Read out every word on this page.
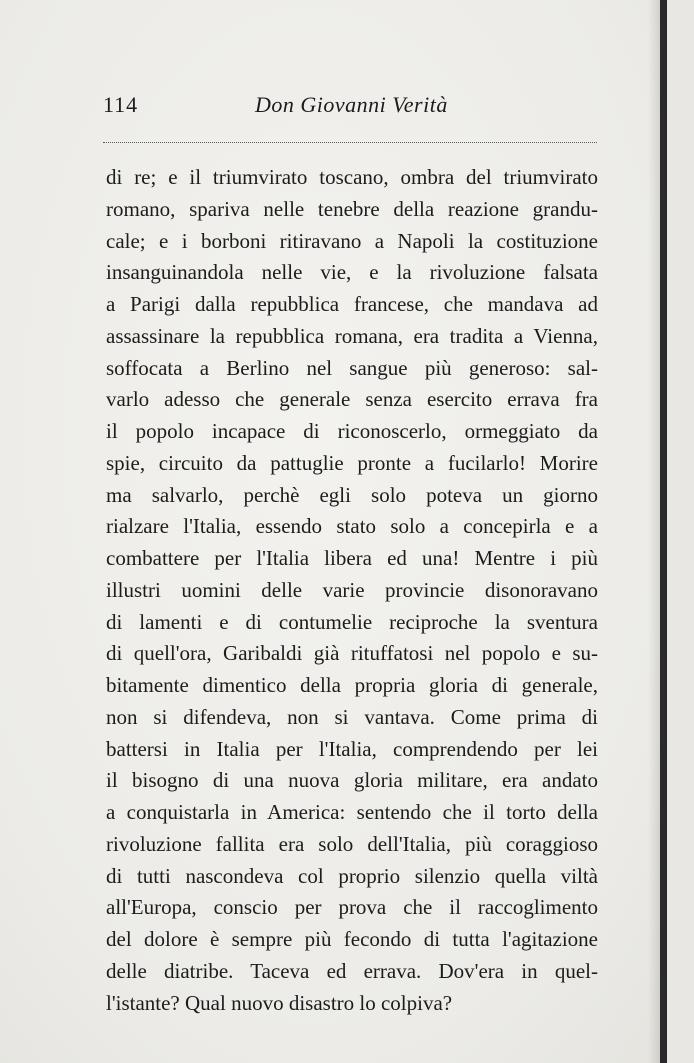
114	Don Giovanni Verità
di re; e il triumvirato toscano, ombra del triumvirato
romano, spariva nelle tenebre della reazione grandu-
cale; e i borboni ritiravano a Napoli la costituzione
insanguinandola nelle vie, e la rivoluzione falsata
a Parigi dalla repubblica francese, che mandava ad
assassinare la repubblica romana, era tradita a Vienna,
soffocata a Berlino nel sangue più generoso: sal-
varlo adesso che generale senza esercito errava fra
il popolo incapace di riconoscerlo, ormeggiato da
spie, circuito da pattuglie pronte a fucilarlo! Morire
ma salvarlo, perchè egli solo poteva un giorno
rialzare l'Italia, essendo stato solo a concepirla e a
combattere per l'Italia libera ed una! Mentre i più
illustri uomini delle varie provincie disonoravano
di lamenti e di contumelie reciproche la sventura
di quell'ora, Garibaldi già rituffatosi nel popolo e su-
bitamente dimentico della propria gloria di generale,
non si difendeva, non si vantava. Come prima di
battersi in Italia per l'Italia, comprendendo per lei
il bisogno di una nuova gloria militare, era andato
a conquistarla in America: sentendo che il torto della
rivoluzione fallita era solo dell'Italia, più coraggioso
di tutti nascondeva col proprio silenzio quella viltà
all'Europa, conscio per prova che il raccoglimento
del dolore è sempre più fecondo di tutta l'agitazione
delle diatribe. Taceva ed errava. Dov'era in quel-
l'istante? Qual nuovo disastro lo colpiva?
